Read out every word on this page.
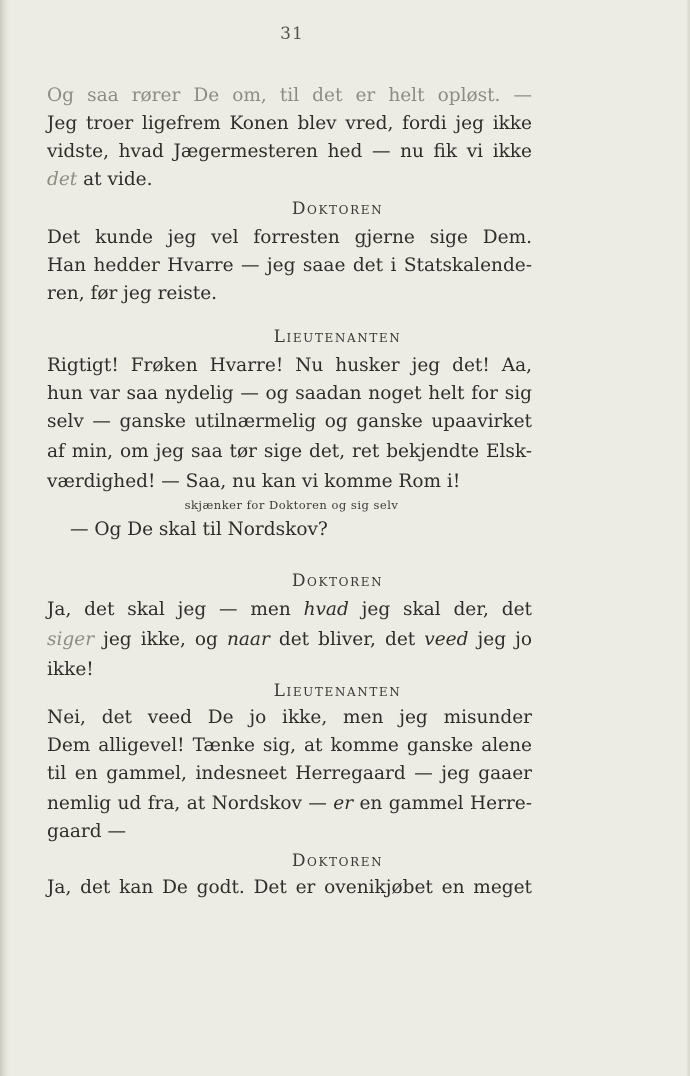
31

Og saa rører De om, til det er helt opløst. —

Jeg troer ligefrem Konen blev vred, fordi jeg ikke

vidste, hvad Jægermesteren hed — nu fik vi ikke

det at vide.

Doktoren

Det kunde jeg vel forresten gjerne sige Dem.

Han hedder Hvarre — jeg saae det i Statskalende-

ren, før jeg reiste.

Lieutenanten

Rigtigt! Frøken Hvarre! Nu husker jeg det! Aa,

hun var saa nydelig — og saadan noget helt for sig

selv — ganske utilnærmelig og ganske upaavirket

af min, om jeg saa tør sige det, ret bekjendte Elsk-

værdighed! — Saa, nu kan vi komme Rom i!

skjænker for Doktoren og sig selv

— Og De skal til Nordskov?

Doktoren

Ja, det skal jeg — men hvad jeg skal der, det

siger jeg ikke, og naar det bliver, det veed jeg jo

ikke!

Lieutenanten

Nei, det veed De jo ikke, men jeg misunder

Dem alligevel! Tænke sig, at komme ganske alene

til en gammel, indesneet Herregaard — jeg gaaer

nemlig ud fra, at Nordskov — er en gammel Herre-

gaard —

Doktoren

Ja, det kan De godt. Det er ovenikjøbet en meget
